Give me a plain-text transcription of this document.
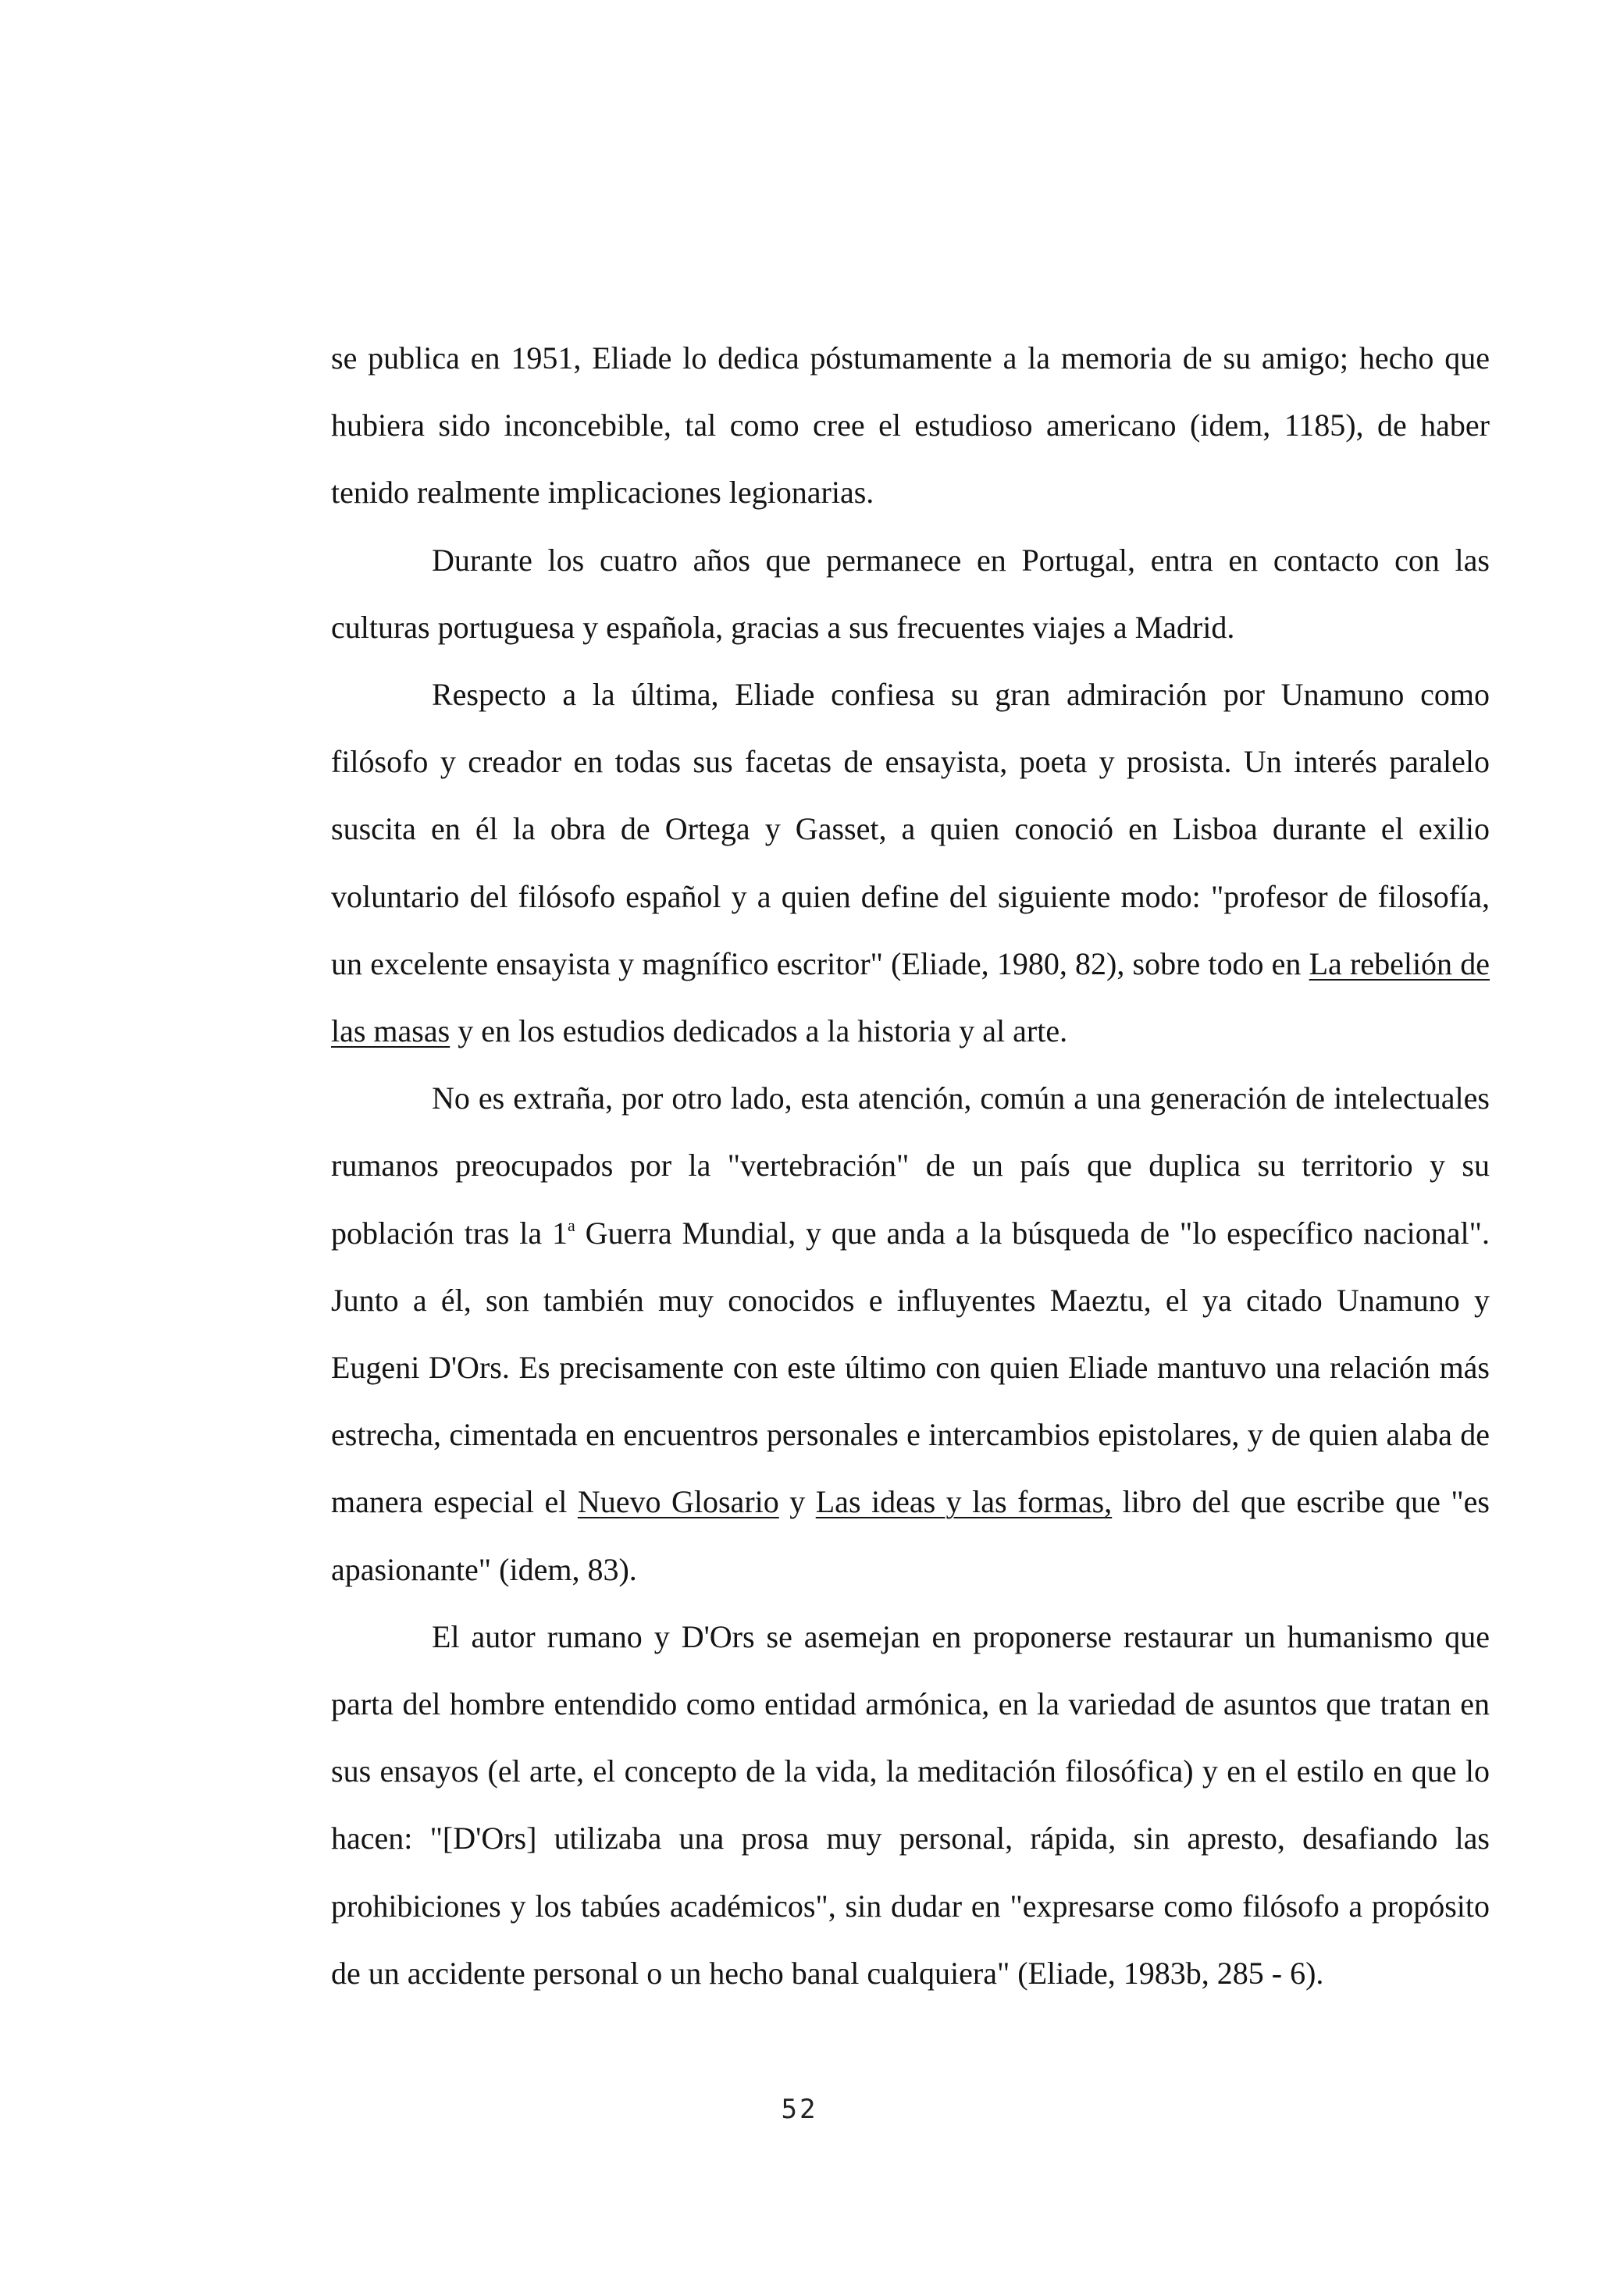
se publica en 1951, Eliade lo dedica póstumamente a la memoria de su amigo; hecho que hubiera sido inconcebible, tal como cree el estudioso americano (idem, 1185), de haber tenido realmente implicaciones legionarias.

Durante los cuatro años que permanece en Portugal, entra en contacto con las culturas portuguesa y española, gracias a sus frecuentes viajes a Madrid.

Respecto a la última, Eliade confiesa su gran admiración por Unamuno como filósofo y creador en todas sus facetas de ensayista, poeta y prosista. Un interés paralelo suscita en él la obra de Ortega y Gasset, a quien conoció en Lisboa durante el exilio voluntario del filósofo español y a quien define del siguiente modo: "profesor de filosofía, un excelente ensayista y magnífico escritor" (Eliade, 1980, 82), sobre todo en La rebelión de las masas y en los estudios dedicados a la historia y al arte.

No es extraña, por otro lado, esta atención, común a una generación de intelectuales rumanos preocupados por la "vertebración" de un país que duplica su territorio y su población tras la 1$^a$ Guerra Mundial, y que anda a la búsqueda de "lo específico nacional". Junto a él, son también muy conocidos e influyentes Maeztu, el ya citado Unamuno y Eugeni D'Ors. Es precisamente con este último con quien Eliade mantuvo una relación más estrecha, cimentada en encuentros personales e intercambios epistolares, y de quien alaba de manera especial el Nuevo Glosario y Las ideas y las formas, libro del que escribe que "es apasionante" (idem, 83).

El autor rumano y D'Ors se asemejan en proponerse restaurar un humanismo que parta del hombre entendido como entidad armónica, en la variedad de asuntos que tratan en sus ensayos (el arte, el concepto de la vida, la meditación filosófica) y en el estilo en que lo hacen: "[D'Ors] utilizaba una prosa muy personal, rápida, sin apresto, desafiando las prohibiciones y los tabúes académicos", sin dudar en "expresarse como filósofo a propósito de un accidente personal o un hecho banal cualquiera" (Eliade, 1983b, 285 - 6).

52
